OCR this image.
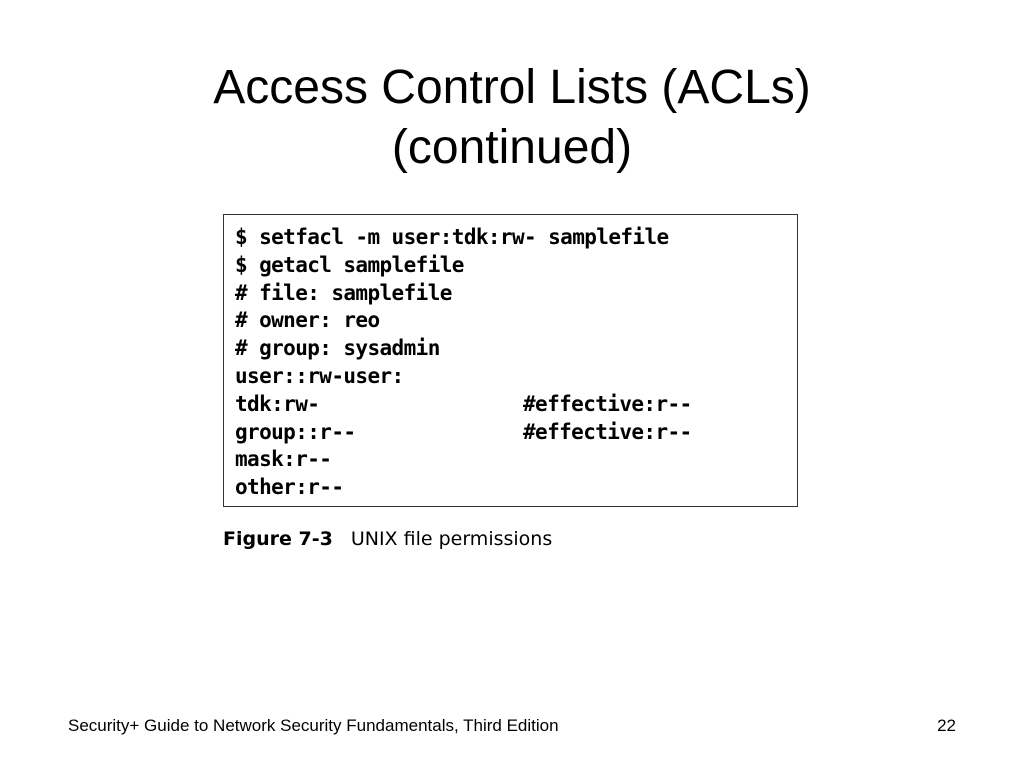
Access Control Lists (ACLs)
(continued)
$ setfacl -m user:tdk:rw- samplefile
$ getacl samplefile
# file: samplefile
# owner: reo
# group: sysadmin
user::rw-user:
tdk:rw-	#effective:r--
group::r--	#effective:r--
mask:r--
other:r--
Figure 7-3 UNIX file permissions
Security+ Guide to Network Security Fundamentals, Third Edition	22
